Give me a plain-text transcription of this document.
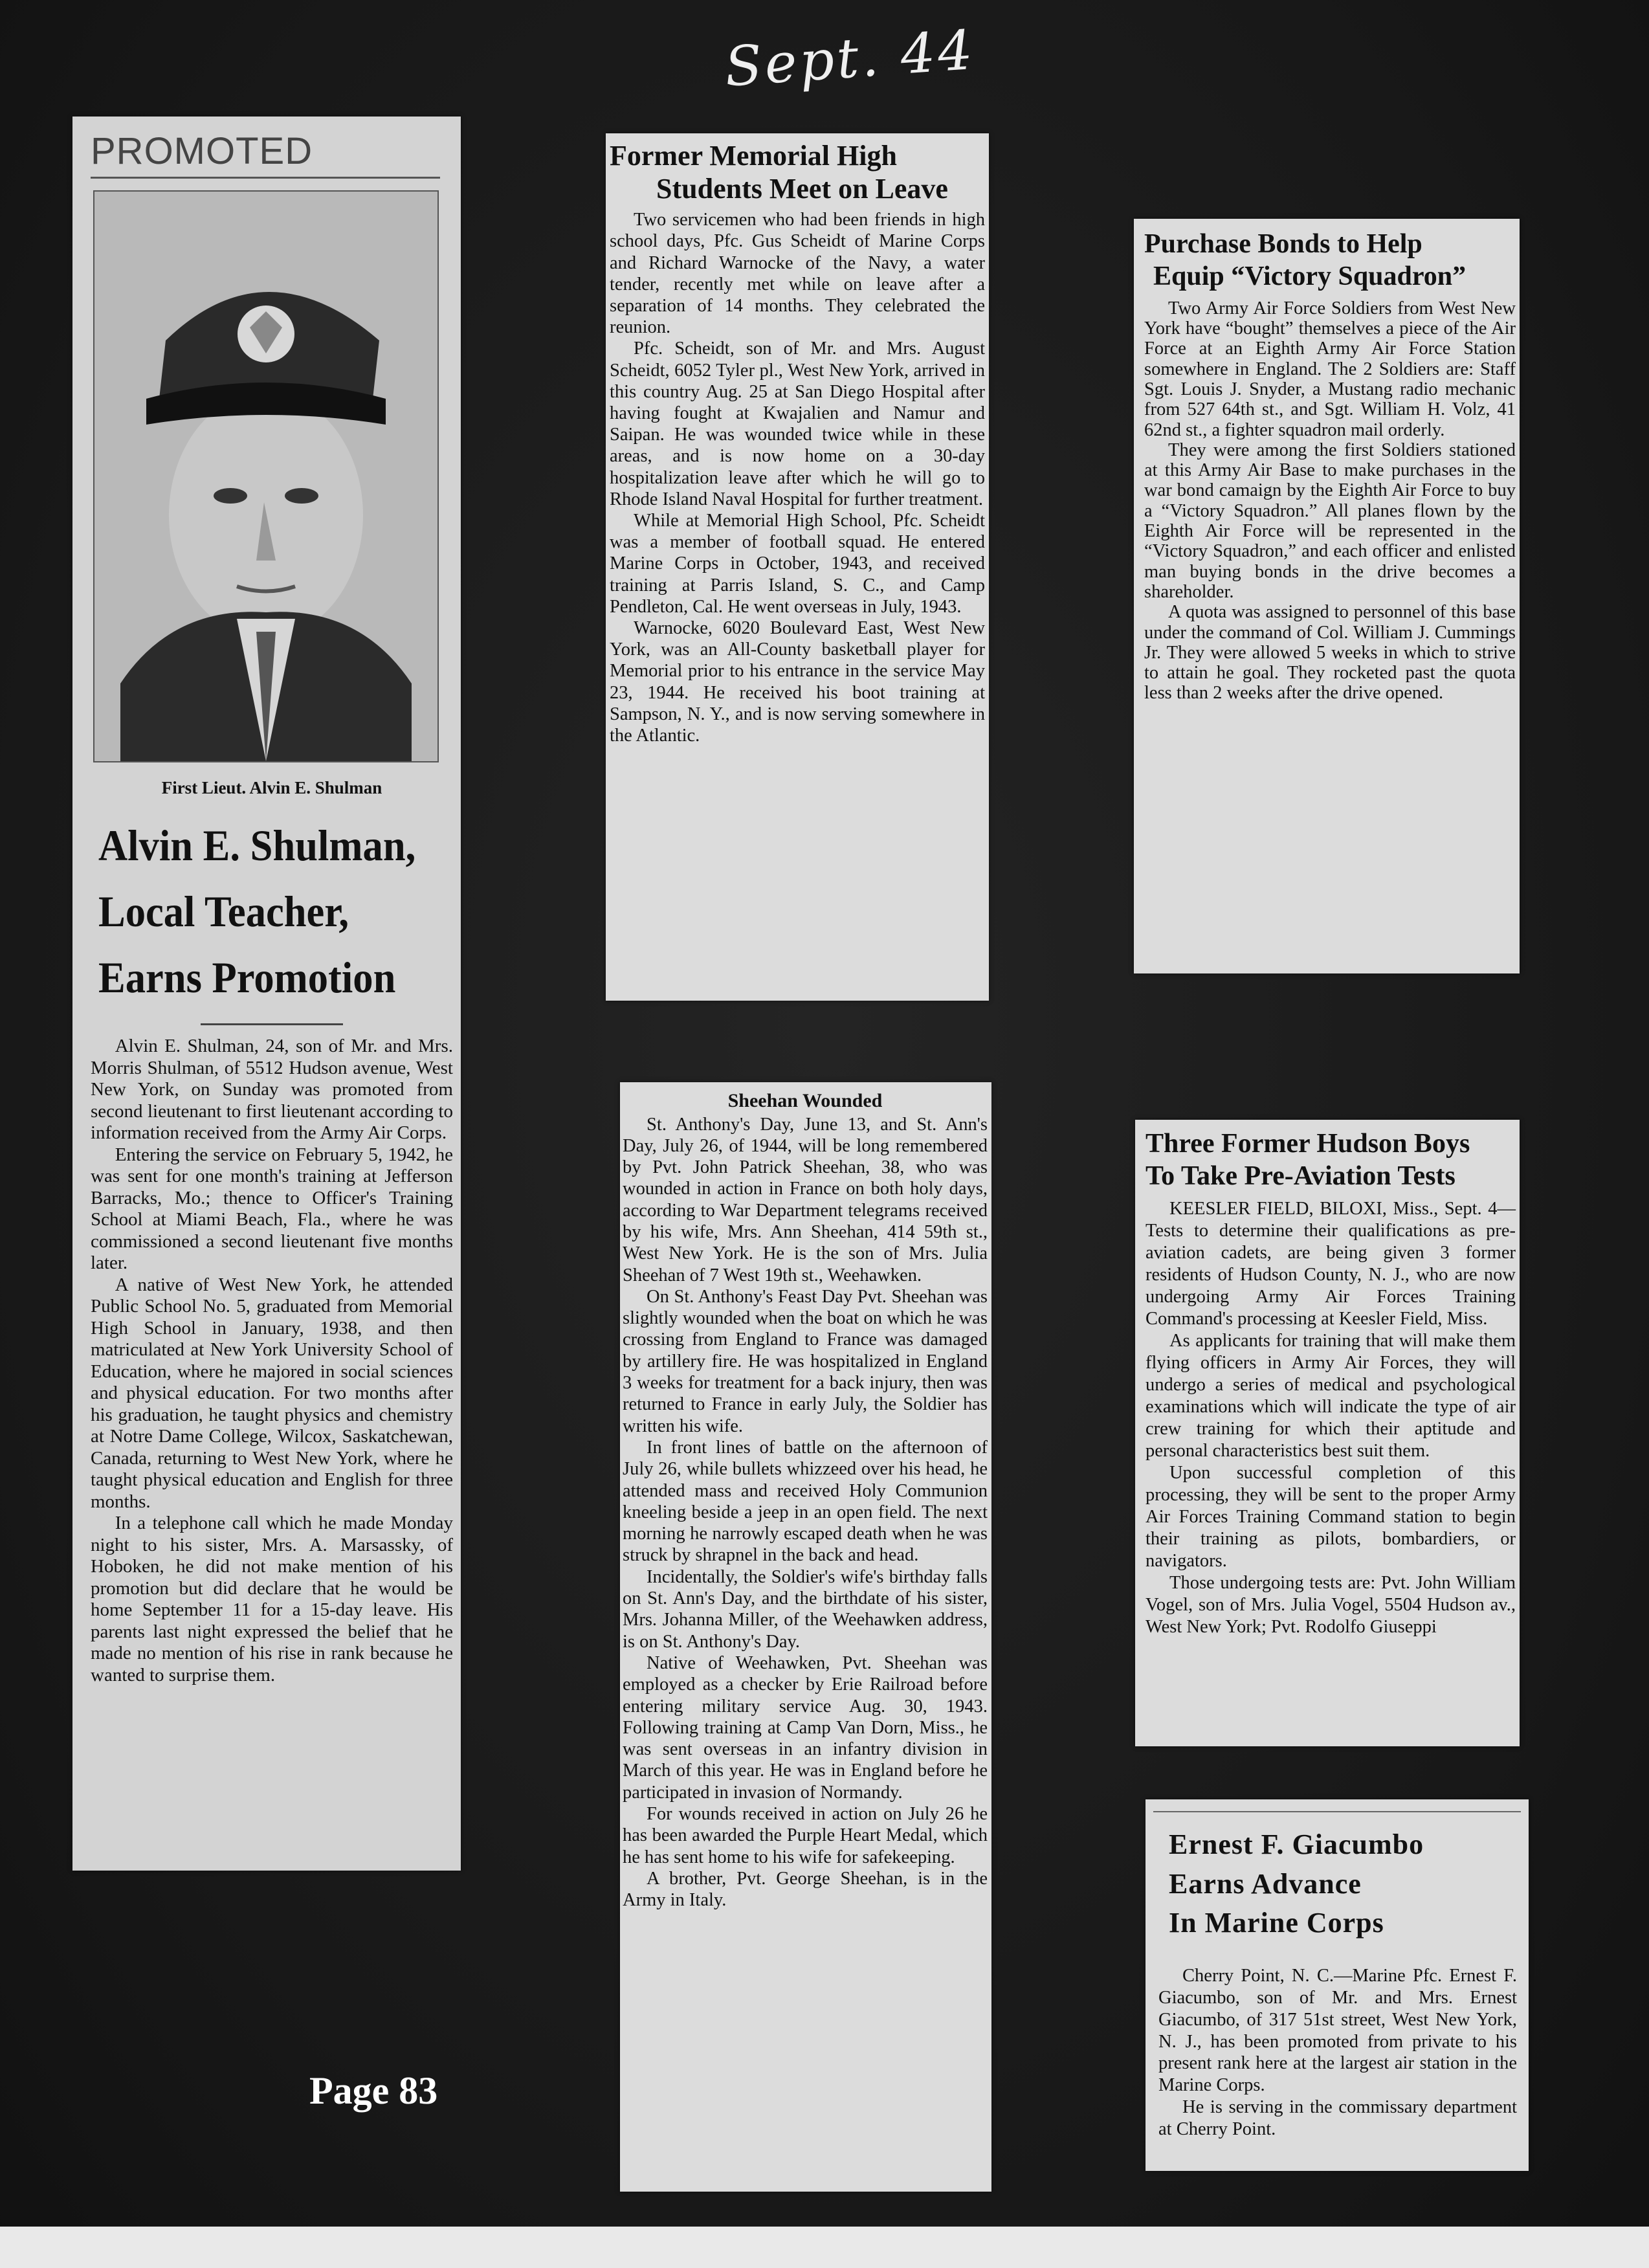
Sept. 44
PROMOTED
First Lieut. Alvin E. Shulman
Alvin E. Shulman,
Local Teacher,
Earns Promotion

Alvin E. Shulman, 24, son of Mr. and Mrs. Morris Shulman, of 5512 Hudson avenue, West New York, on Sunday was promoted from second lieutenant to first lieutenant according to information received from the Army Air Corps.

Entering the service on February 5, 1942, he was sent for one month's training at Jefferson Barracks, Mo.; thence to Officer's Training School at Miami Beach, Fla., where he was commissioned a second lieutenant five months later.

A native of West New York, he attended Public School No. 5, graduated from Memorial High School in January, 1938, and then matriculated at New York University School of Education, where he majored in social sciences and physical education. For two months after his graduation, he taught physics and chemistry at Notre Dame College, Wilcox, Saskatchewan, Canada, returning to West New York, where he taught physical education and English for three months.

In a telephone call which he made Monday night to his sister, Mrs. A. Marsassky, of Hoboken, he did not make mention of his promotion but did declare that he would be home September 11 for a 15-day leave. His parents last night expressed the belief that he made no mention of his rise in rank because he wanted to surprise them.

Former Memorial High
Students Meet on Leave

Two servicemen who had been friends in high school days, Pfc. Gus Scheidt of Marine Corps and Richard Warnocke of the Navy, a water tender, recently met while on leave after a separation of 14 months. They celebrated the reunion.

Pfc. Scheidt, son of Mr. and Mrs. August Scheidt, 6052 Tyler pl., West New York, arrived in this country Aug. 25 at San Diego Hospital after having fought at Kwajalien and Namur and Saipan. He was wounded twice while in these areas, and is now home on a 30-day hospitalization leave after which he will go to Rhode Island Naval Hospital for further treatment.

While at Memorial High School, Pfc. Scheidt was a member of football squad. He entered Marine Corps in October, 1943, and received training at Parris Island, S. C., and Camp Pendleton, Cal. He went overseas in July, 1943.

Warnocke, 6020 Boulevard East, West New York, was an All-County basketball player for Memorial prior to his entrance in the service May 23, 1944. He received his boot training at Sampson, N. Y., and is now serving somewhere in the Atlantic.

Purchase Bonds to Help
Equip “Victory Squadron”

Two Army Air Force Soldiers from West New York have “bought” themselves a piece of the Air Force at an Eighth Army Air Force Station somewhere in England. The 2 Soldiers are: Staff Sgt. Louis J. Snyder, a Mustang radio mechanic from 527 64th st., and Sgt. William H. Volz, 41 62nd st., a fighter squadron mail orderly.

They were among the first Soldiers stationed at this Army Air Base to make purchases in the war bond camaign by the Eighth Air Force to buy a “Victory Squadron.” All planes flown by the Eighth Air Force will be represented in the “Victory Squadron,” and each officer and enlisted man buying bonds in the drive becomes a shareholder.

A quota was assigned to personnel of this base under the command of Col. William J. Cummings Jr. They were allowed 5 weeks in which to strive to attain he goal. They rocketed past the quota less than 2 weeks after the drive opened.

Sheehan Wounded

St. Anthony's Day, June 13, and St. Ann's Day, July 26, of 1944, will be long remembered by Pvt. John Patrick Sheehan, 38, who was wounded in action in France on both holy days, according to War Department telegrams received by his wife, Mrs. Ann Sheehan, 414 59th st., West New York. He is the son of Mrs. Julia Sheehan of 7 West 19th st., Weehawken.

On St. Anthony's Feast Day Pvt. Sheehan was slightly wounded when the boat on which he was crossing from England to France was damaged by artillery fire. He was hospitalized in England 3 weeks for treatment for a back injury, then was returned to France in early July, the Soldier has written his wife.

In front lines of battle on the afternoon of July 26, while bullets whizzeed over his head, he attended mass and received Holy Communion kneeling beside a jeep in an open field. The next morning he narrowly escaped death when he was struck by shrapnel in the back and head.

Incidentally, the Soldier's wife's birthday falls on St. Ann's Day, and the birthdate of his sister, Mrs. Johanna Miller, of the Weehawken address, is on St. Anthony's Day.

Native of Weehawken, Pvt. Sheehan was employed as a checker by Erie Railroad before entering military service Aug. 30, 1943. Following training at Camp Van Dorn, Miss., he was sent overseas in an infantry division in March of this year. He was in England before he participated in invasion of Normandy.

For wounds received in action on July 26 he has been awarded the Purple Heart Medal, which he has sent home to his wife for safekeeping.

A brother, Pvt. George Sheehan, is in the Army in Italy.

Three Former Hudson Boys
To Take Pre-Aviation Tests

KEESLER FIELD, BILOXI, Miss., Sept. 4—Tests to determine their qualifications as pre-aviation cadets, are being given 3 former residents of Hudson County, N. J., who are now undergoing Army Air Forces Training Command's processing at Keesler Field, Miss.

As applicants for training that will make them flying officers in Army Air Forces, they will undergo a series of medical and psychological examinations which will indicate the type of air crew training for which their aptitude and personal characteristics best suit them.

Upon successful completion of this processing, they will be sent to the proper Army Air Forces Training Command station to begin their training as pilots, bombardiers, or navigators.

Those undergoing tests are: Pvt. John William Vogel, son of Mrs. Julia Vogel, 5504 Hudson av., West New York; Pvt. Rodolfo Giuseppi

Ernest F. Giacumbo
Earns Advance
In Marine Corps

Cherry Point, N. C.—Marine Pfc. Ernest F. Giacumbo, son of Mr. and Mrs. Ernest Giacumbo, of 317 51st street, West New York, N. J., has been promoted from private to his present rank here at the largest air station in the Marine Corps.

He is serving in the commissary department at Cherry Point.

Page 83
